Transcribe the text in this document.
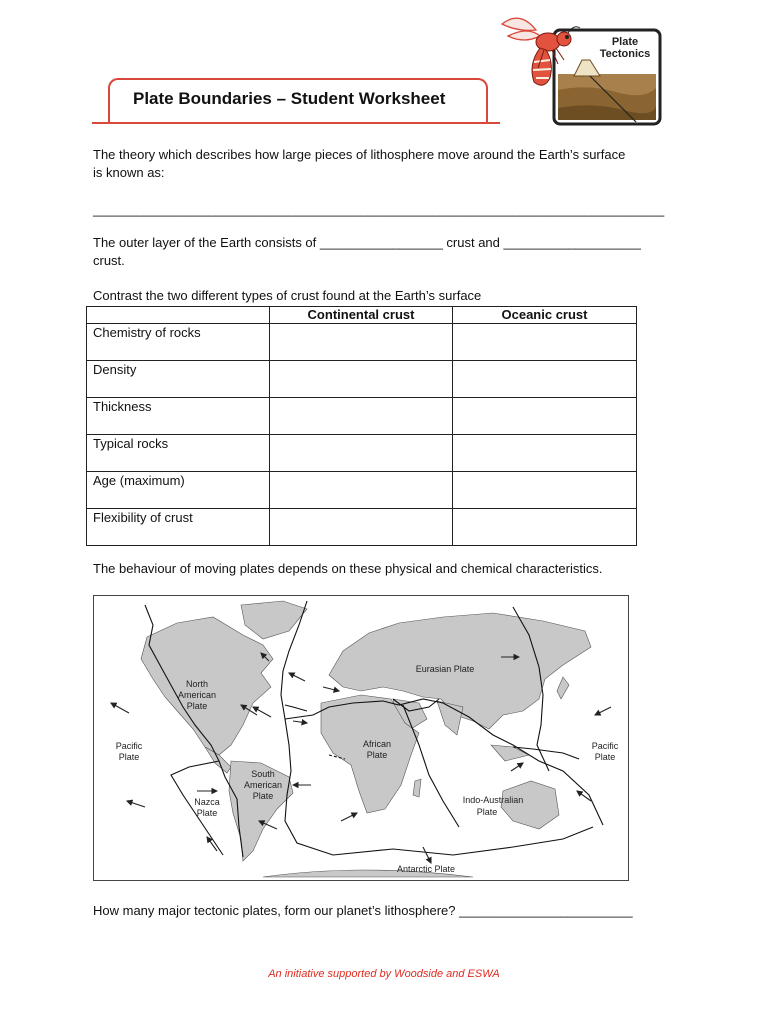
Plate Boundaries – Student Worksheet
Plate
Tectonics
The theory which describes how large pieces of lithosphere move around the Earth’s surface
is known as:
_______________________________________________________________________________
The outer layer of the Earth consists of _________________ crust and ___________________
crust.
Contrast the two different types of crust found at the Earth’s surface
	Continental crust	Oceanic crust
Chemistry of rocks		
Density		
Thickness		
Typical rocks		
Age (maximum)		
Flexibility of crust		
The behaviour of moving plates depends on these physical and chemical characteristics.
Eurasian Plate
North
American
Plate
Pacific
Plate
African
Plate
Pacific
Plate
South
American
Plate
Nazca
Plate
Indo-Australian
Plate
Antarctic Plate
How many major tectonic plates, form our planet’s lithosphere? ________________________
An initiative supported by Woodside and ESWA
